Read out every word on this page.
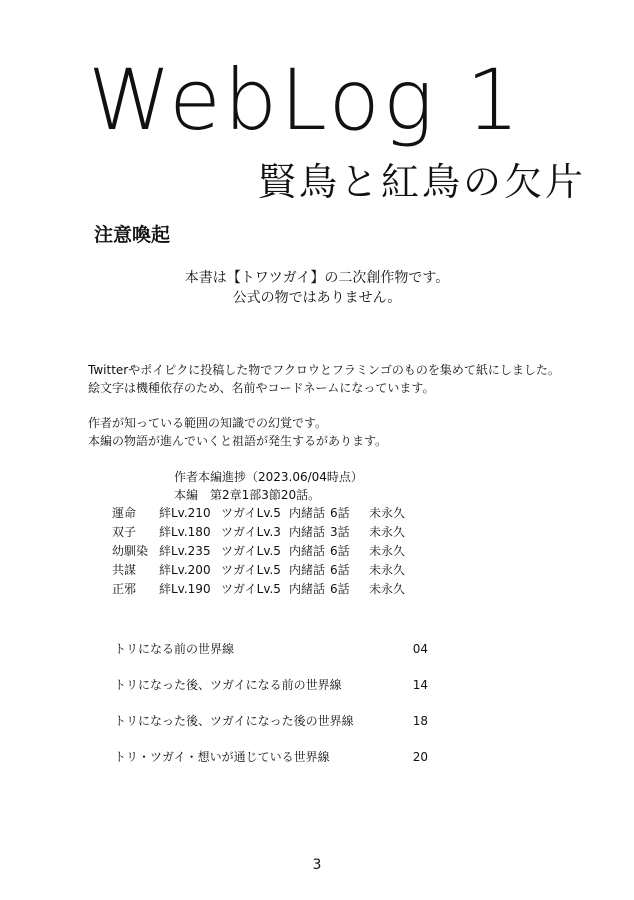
WebLog 1
賢鳥と紅鳥の欠片
注意喚起

本書は【トワツガイ】の二次創作物です。

公式の物ではありません。

Twitterやポイピクに投稿した物でフクロウとフラミンゴのものを集めて紙にしました。

絵文字は機種依存のため、名前やコードネームになっています。

作者が知っている範囲の知識での幻覚です。

本編の物語が進んでいくと祖語が発生するがあります。

作者本編進捗（2023.06/04時点）
本編　第2章1部3節20話。
運命	絆Lv.210	ツガイLv.5	内緒話	6話	未永久
双子	絆Lv.180	ツガイLv.3	内緒話	3話	未永久
幼馴染	絆Lv.235	ツガイLv.5	内緒話	6話	未永久
共謀	絆Lv.200	ツガイLv.5	内緒話	6話	未永久
正邪	絆Lv.190	ツガイLv.5	内緒話	6話	未永久
トリになる前の世界線	04
トリになった後、ツガイになる前の世界線	14
トリになった後、ツガイになった後の世界線	18
トリ・ツガイ・想いが通じている世界線	20
3
